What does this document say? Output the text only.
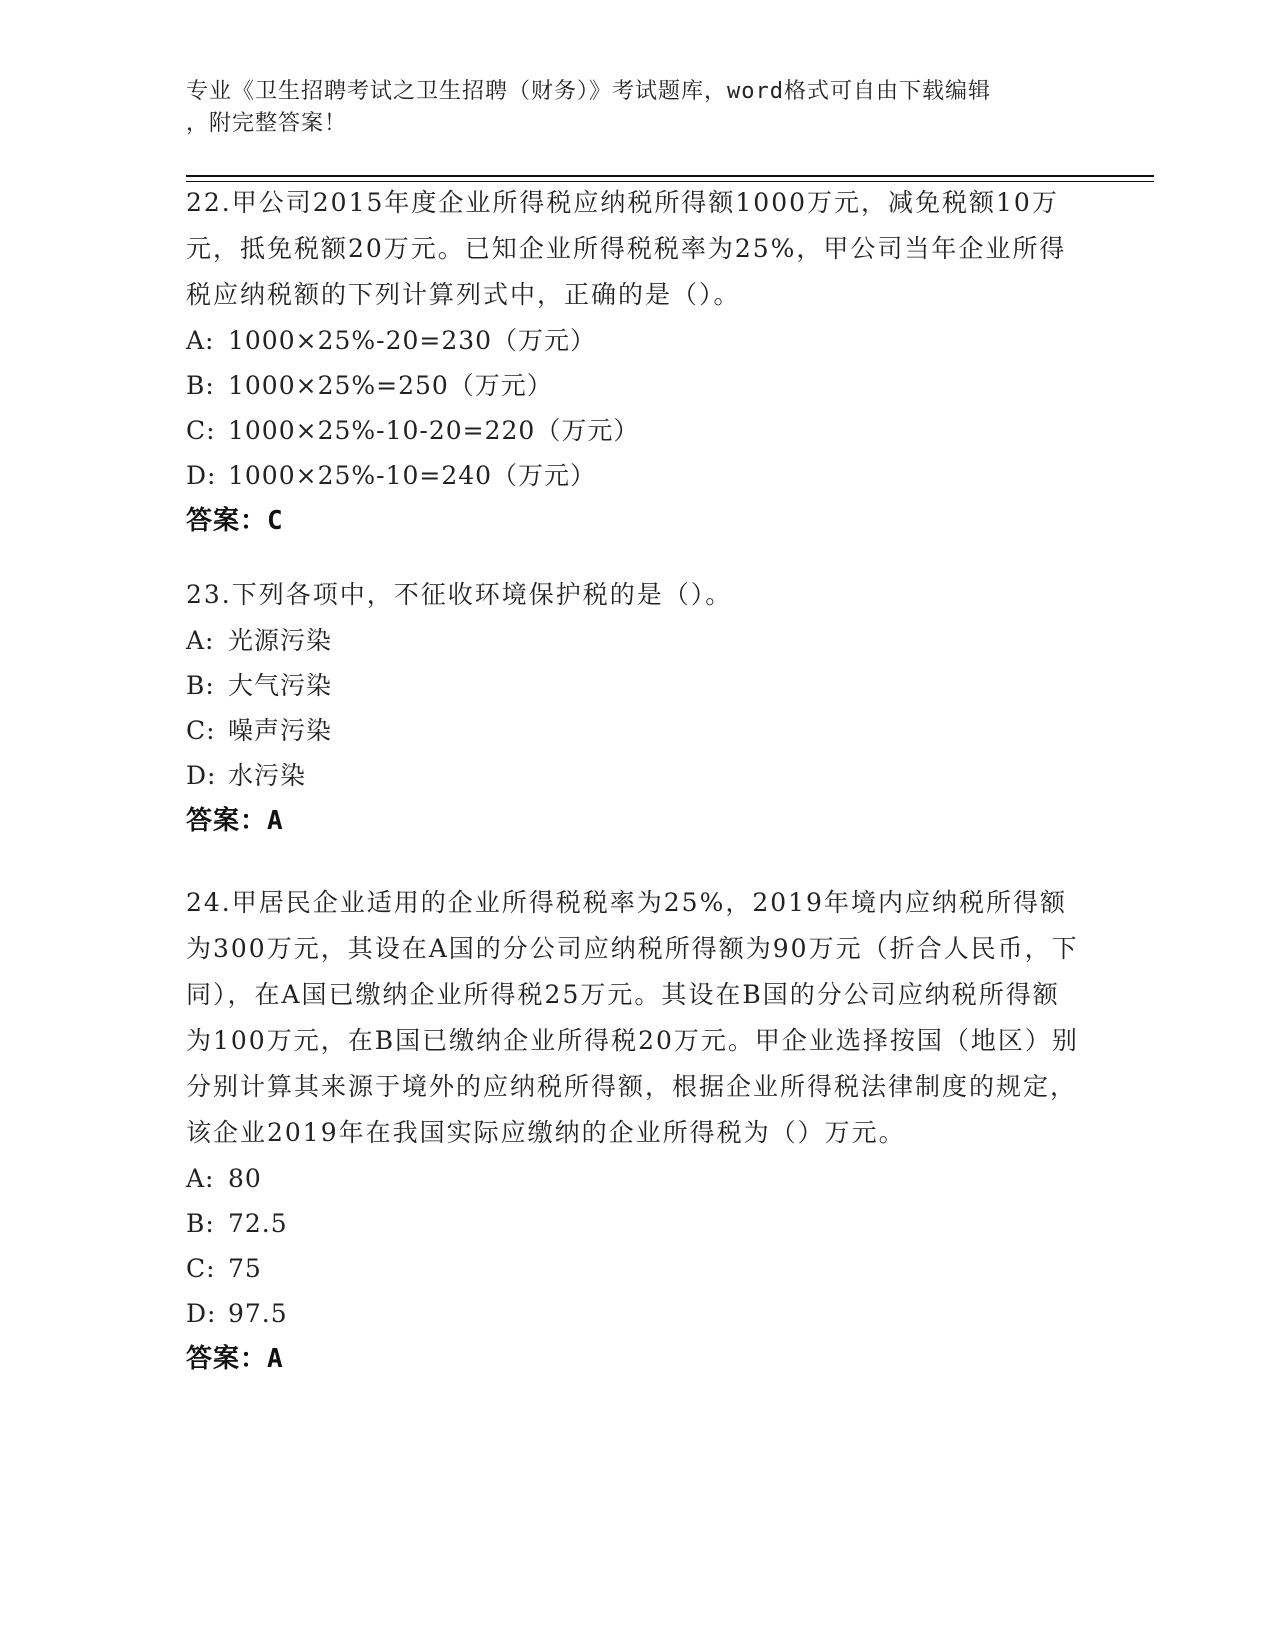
专业《卫生招聘考试之卫生招聘（财务）》考试题库，word格式可自由下载编辑
，附完整答案！

22.甲公司2015年度企业所得税应纳税所得额1000万元，减免税额10万元，抵免税额20万元。已知企业所得税税率为25%，甲公司当年企业所得税应纳税额的下列计算列式中，正确的是（）。

A: 1000×25%-20=230（万元）

B: 1000×25%=250（万元）

C: 1000×25%-10-20=220（万元）

D: 1000×25%-10=240（万元）

答案：C

23.下列各项中，不征收环境保护税的是（）。

A: 光源污染

B: 大气污染

C: 噪声污染

D: 水污染

答案：A

24.甲居民企业适用的企业所得税税率为25%，2019年境内应纳税所得额为300万元，其设在A国的分公司应纳税所得额为90万元（折合人民币，下同），在A国已缴纳企业所得税25万元。其设在B国的分公司应纳税所得额为100万元，在B国已缴纳企业所得税20万元。甲企业选择按国（地区）别分别计算其来源于境外的应纳税所得额，根据企业所得税法律制度的规定，该企业2019年在我国实际应缴纳的企业所得税为（）万元。

A: 80

B: 72.5

C: 75

D: 97.5

答案：A
